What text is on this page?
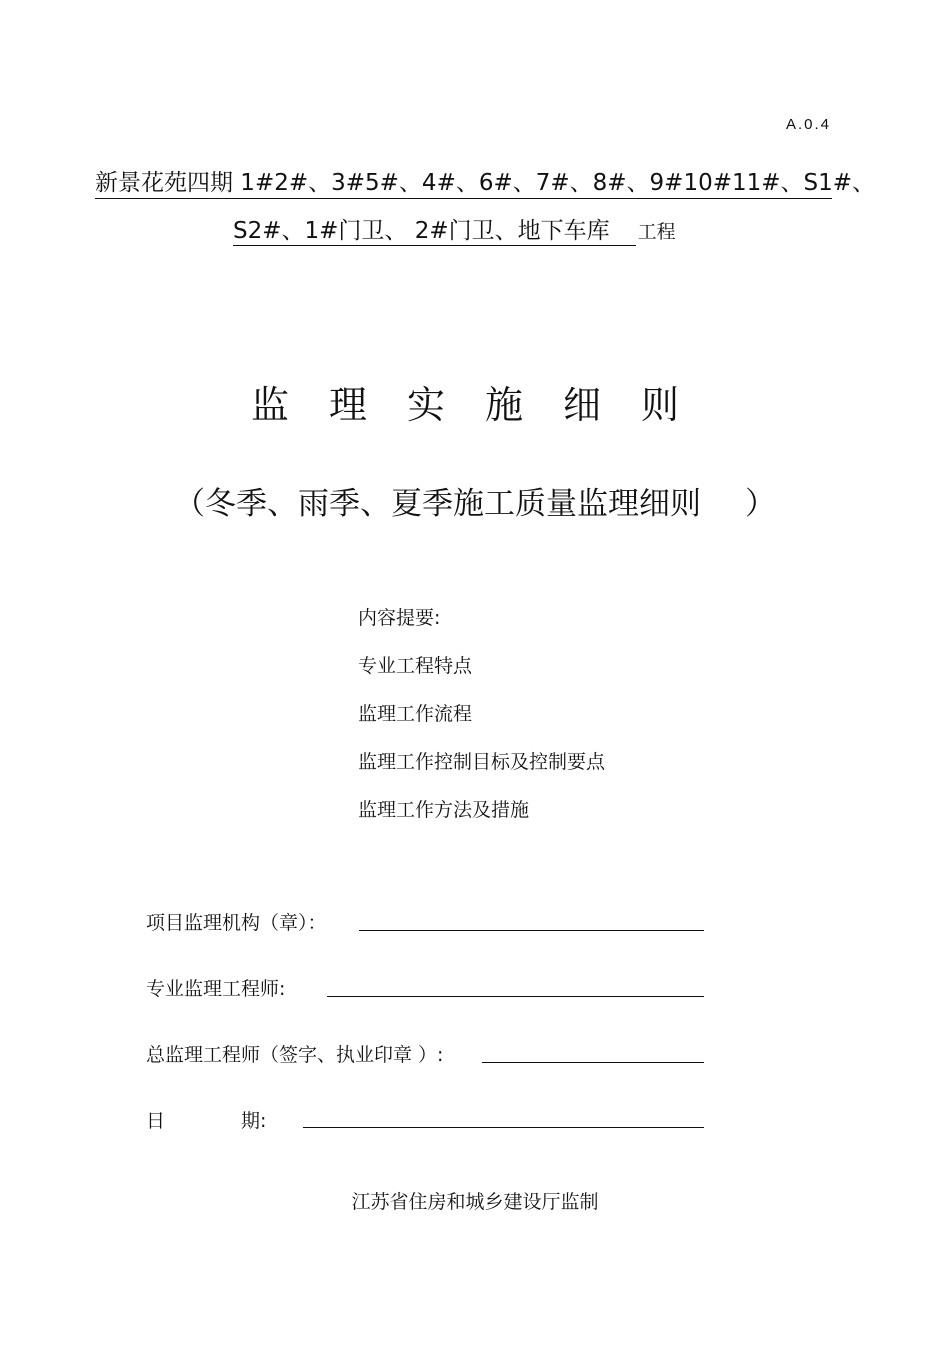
A.0.4
新景花苑四期 1#2#、3#5#、4#、6#、7#、8#、9#10#11#、S1#、
S2#、1#门卫、 2#门卫、地下车库 工程
监理实施细则
（冬季、雨季、夏季施工质量监理细则 ）
内容提要:
专业工程特点
监理工作流程
监理工作控制目标及控制要点
监理工作方法及措施
项目监理机构（章）：
专业监理工程师:
总监理工程师（签字、执业印章 ）:
日　　　　期:
江苏省住房和城乡建设厅监制
